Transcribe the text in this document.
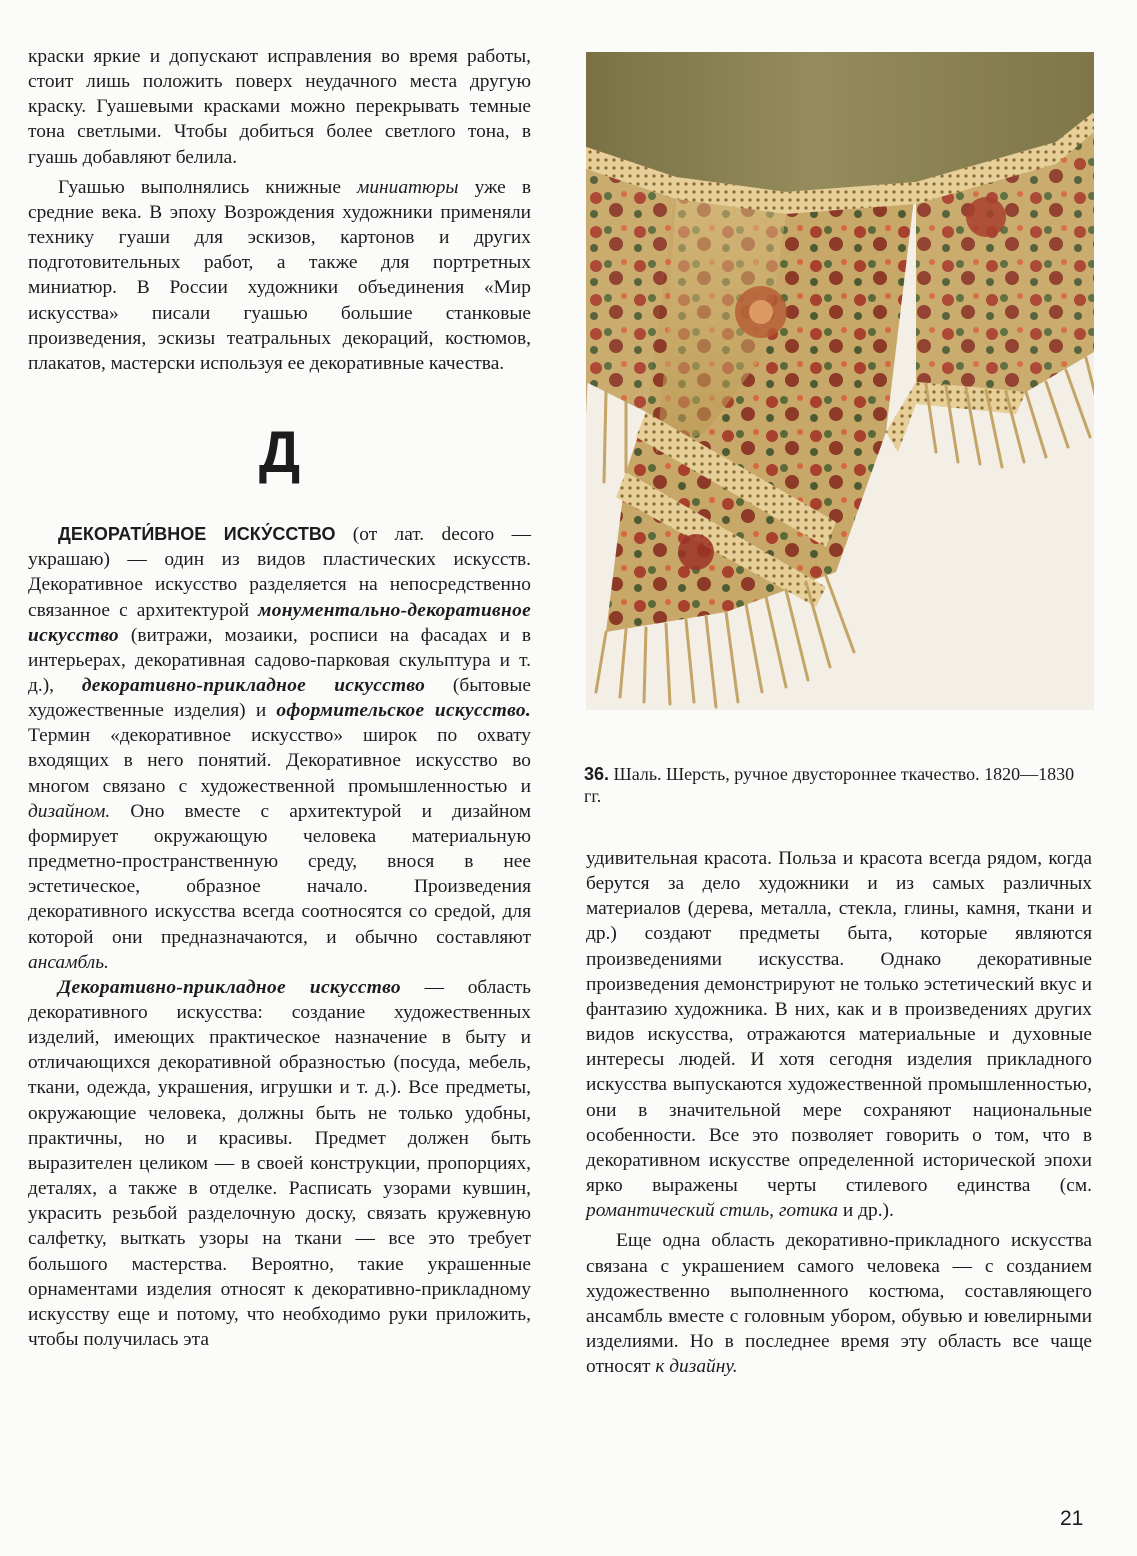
краски яркие и допускают исправления во время работы, стоит лишь положить поверх неудачного места другую краску. Гуашевыми красками можно перекрывать темные тона светлыми. Чтобы добиться более светлого тона, в гуашь добавляют белила.

Гуашью выполнялись книжные миниатюры уже в средние века. В эпоху Возрождения художники применяли технику гуаши для эскизов, картонов и других подготовительных работ, а также для портретных миниатюр. В России художники объединения «Мир искусства» писали гуашью большие станковые произведения, эскизы театральных декораций, костюмов, плакатов, мастерски используя ее декоративные качества.

Д

ДЕКОРАТИ́ВНОЕ ИСКУ́ССТВО (от лат. decoro — украшаю) — один из видов пластических искусств. Декоративное искусство разделяется на непосредственно связанное с архитектурой монументально-декоративное искусство (витражи, мозаики, росписи на фасадах и в интерьерах, декоративная садово-парковая скульптура и т. д.), декоративно-прикладное искусство (бытовые художественные изделия) и оформительское искусство. Термин «декоративное искусство» широк по охвату входящих в него понятий. Декоративное искусство во многом связано с художественной промышленностью и дизайном. Оно вместе с архитектурой и дизайном формирует окружающую человека материальную предметно-пространственную среду, внося в нее эстетическое, образное начало. Произведения декоративного искусства всегда соотносятся со средой, для которой они предназначаются, и обычно составляют ансамбль.

Декоративно-прикладное искусство — область декоративного искусства: создание художественных изделий, имеющих практическое назначение в быту и отличающихся декоративной образностью (посуда, мебель, ткани, одежда, украшения, игрушки и т. д.). Все предметы, окружающие человека, должны быть не только удобны, практичны, но и красивы. Предмет должен быть выразителен целиком — в своей конструкции, пропорциях, деталях, а также в отделке. Расписать узорами кувшин, украсить резьбой разделочную доску, связать кружевную салфетку, выткать узоры на ткани — все это требует большого мастерства. Вероятно, такие украшенные орнаментами изделия относят к декоративно-прикладному искусству еще и потому, что необходимо руки приложить, чтобы получилась эта

36. Шаль. Шерсть, ручное двустороннее ткачество. 1820—1830 гг.

удивительная красота. Польза и красота всегда рядом, когда берутся за дело художники и из самых различных материалов (дерева, металла, стекла, глины, камня, ткани и др.) создают предметы быта, которые являются произведениями искусства. Однако декоративные произведения демонстрируют не только эстетический вкус и фантазию художника. В них, как и в произведениях других видов искусства, отражаются материальные и духовные интересы людей. И хотя сегодня изделия прикладного искусства выпускаются художественной промышленностью, они в значительной мере сохраняют национальные особенности. Все это позволяет говорить о том, что в декоративном искусстве определенной исторической эпохи ярко выражены черты стилевого единства (см. романтический стиль, готика и др.).

Еще одна область декоративно-прикладного искусства связана с украшением самого человека — с созданием художественно выполненного костюма, составляющего ансамбль вместе с головным убором, обувью и ювелирными изделиями. Но в последнее время эту область все чаще относят к дизайну.

21
